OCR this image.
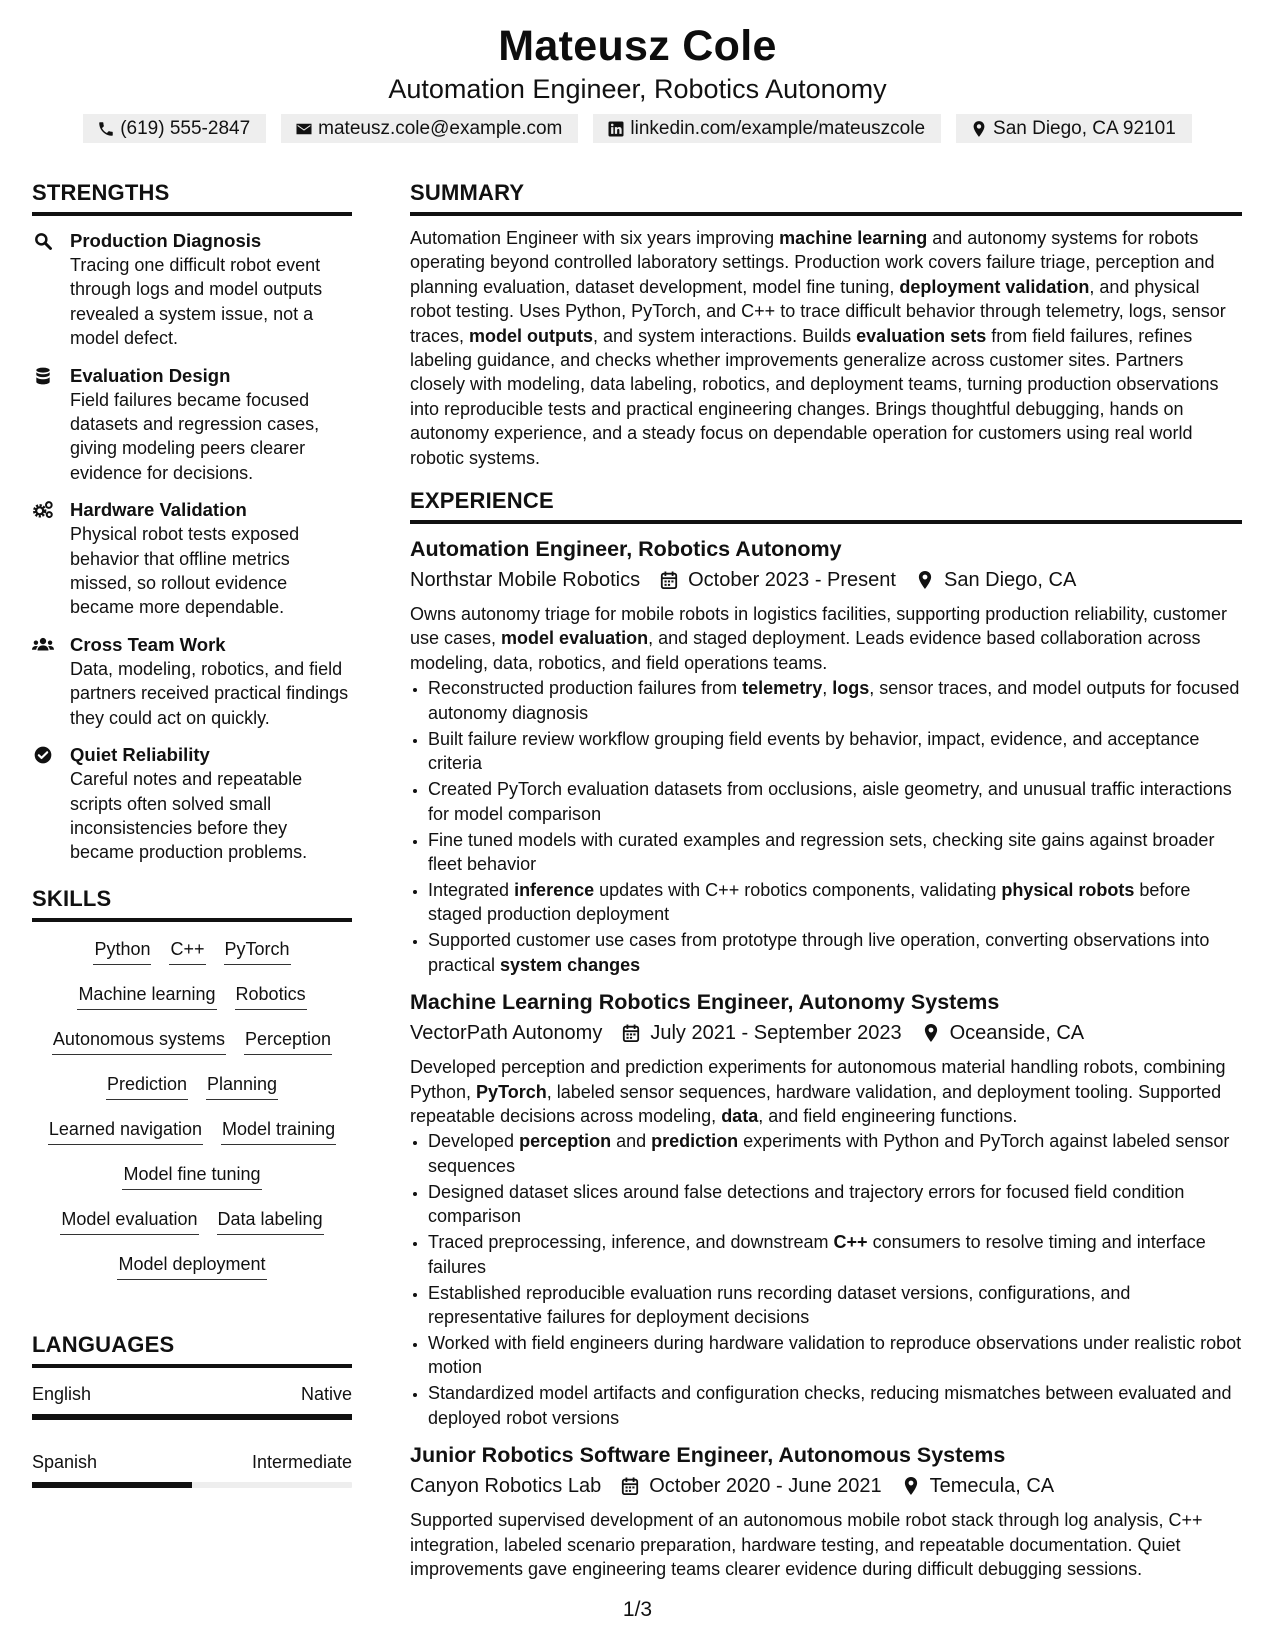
Mateusz Cole
Automation Engineer, Robotics Autonomy
(619) 555-2847	mateusz.cole@example.com	linkedin.com/example/mateuszcole	San Diego, CA 92101
STRENGTHS
Production Diagnosis
Tracing one difficult robot event through logs and model outputs revealed a system issue, not a model defect.
Evaluation Design
Field failures became focused datasets and regression cases, giving modeling peers clearer evidence for decisions.
Hardware Validation
Physical robot tests exposed behavior that offline metrics missed, so rollout evidence became more dependable.
Cross Team Work
Data, modeling, robotics, and field partners received practical findings they could act on quickly.
Quiet Reliability
Careful notes and repeatable scripts often solved small inconsistencies before they became production problems.
SKILLS
Python C++ PyTorch
Machine learning Robotics
Autonomous systems Perception
Prediction Planning
Learned navigation Model training
Model fine tuning
Model evaluation Data labeling
Model deployment
LANGUAGES
English	Native
Spanish	Intermediate
SUMMARY
Automation Engineer with six years improving machine learning and autonomy systems for robots operating beyond controlled laboratory settings. Production work covers failure triage, perception and planning evaluation, dataset development, model fine tuning, deployment validation, and physical robot testing. Uses Python, PyTorch, and C++ to trace difficult behavior through telemetry, logs, sensor traces, model outputs, and system interactions. Builds evaluation sets from field failures, refines labeling guidance, and checks whether improvements generalize across customer sites. Partners closely with modeling, data labeling, robotics, and deployment teams, turning production observations into reproducible tests and practical engineering changes. Brings thoughtful debugging, hands on autonomy experience, and a steady focus on dependable operation for customers using real world robotic systems.
EXPERIENCE
Automation Engineer, Robotics Autonomy
Northstar Mobile Robotics October 2023 - Present San Diego, CA
Owns autonomy triage for mobile robots in logistics facilities, supporting production reliability, customer use cases, model evaluation, and staged deployment. Leads evidence based collaboration across modeling, data, robotics, and field operations teams.
• Reconstructed production failures from telemetry, logs, sensor traces, and model outputs for focused autonomy diagnosis
• Built failure review workflow grouping field events by behavior, impact, evidence, and acceptance criteria
• Created PyTorch evaluation datasets from occlusions, aisle geometry, and unusual traffic interactions for model comparison
• Fine tuned models with curated examples and regression sets, checking site gains against broader fleet behavior
• Integrated inference updates with C++ robotics components, validating physical robots before staged production deployment
• Supported customer use cases from prototype through live operation, converting observations into practical system changes
Machine Learning Robotics Engineer, Autonomy Systems
VectorPath Autonomy July 2021 - September 2023 Oceanside, CA
Developed perception and prediction experiments for autonomous material handling robots, combining Python, PyTorch, labeled sensor sequences, hardware validation, and deployment tooling. Supported repeatable decisions across modeling, data, and field engineering functions.
• Developed perception and prediction experiments with Python and PyTorch against labeled sensor sequences
• Designed dataset slices around false detections and trajectory errors for focused field condition comparison
• Traced preprocessing, inference, and downstream C++ consumers to resolve timing and interface failures
• Established reproducible evaluation runs recording dataset versions, configurations, and representative failures for deployment decisions
• Worked with field engineers during hardware validation to reproduce observations under realistic robot motion
• Standardized model artifacts and configuration checks, reducing mismatches between evaluated and deployed robot versions
Junior Robotics Software Engineer, Autonomous Systems
Canyon Robotics Lab October 2020 - June 2021 Temecula, CA
Supported supervised development of an autonomous mobile robot stack through log analysis, C++ integration, labeled scenario preparation, hardware testing, and repeatable documentation. Quiet improvements gave engineering teams clearer evidence during difficult debugging sessions.
1/3
